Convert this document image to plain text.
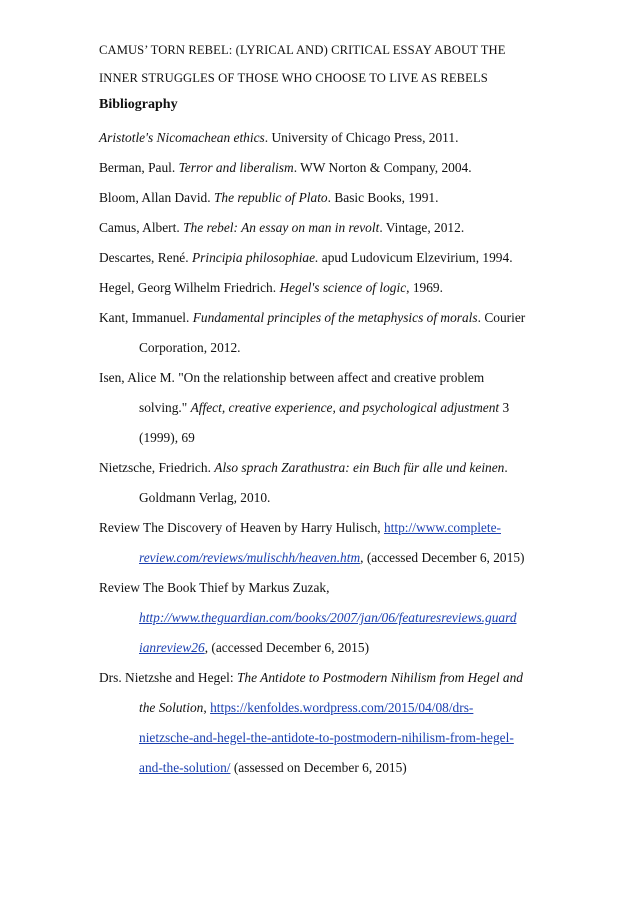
CAMUS’ TORN REBEL: (LYRICAL AND) CRITICAL ESSAY ABOUT THE
INNER STRUGGLES OF THOSE WHO CHOOSE TO LIVE AS REBELS
Bibliography
Aristotle's Nicomachean ethics. University of Chicago Press, 2011.
Berman, Paul. Terror and liberalism. WW Norton & Company, 2004.
Bloom, Allan David. The republic of Plato. Basic Books, 1991.
Camus, Albert. The rebel: An essay on man in revolt. Vintage, 2012.
Descartes, René. Principia philosophiae. apud Ludovicum Elzevirium, 1994.
Hegel, Georg Wilhelm Friedrich. Hegel's science of logic, 1969.
Kant, Immanuel. Fundamental principles of the metaphysics of morals. Courier
Corporation, 2012.
Isen, Alice M. "On the relationship between affect and creative problem
solving." Affect, creative experience, and psychological adjustment 3
(1999), 69
Nietzsche, Friedrich. Also sprach Zarathustra: ein Buch für alle und keinen.
Goldmann Verlag, 2010.
Review The Discovery of Heaven by Harry Hulisch, http://www.complete-
review.com/reviews/mulischh/heaven.htm, (accessed December 6, 2015)
Review The Book Thief by Markus Zuzak,
http://www.theguardian.com/books/2007/jan/06/featuresreviews.guard
ianreview26, (accessed December 6, 2015)
Drs. Nietzshe and Hegel: The Antidote to Postmodern Nihilism from Hegel and
the Solution, https://kenfoldes.wordpress.com/2015/04/08/drs-
nietzsche-and-hegel-the-antidote-to-postmodern-nihilism-from-hegel-
and-the-solution/ (assessed on December 6, 2015)
